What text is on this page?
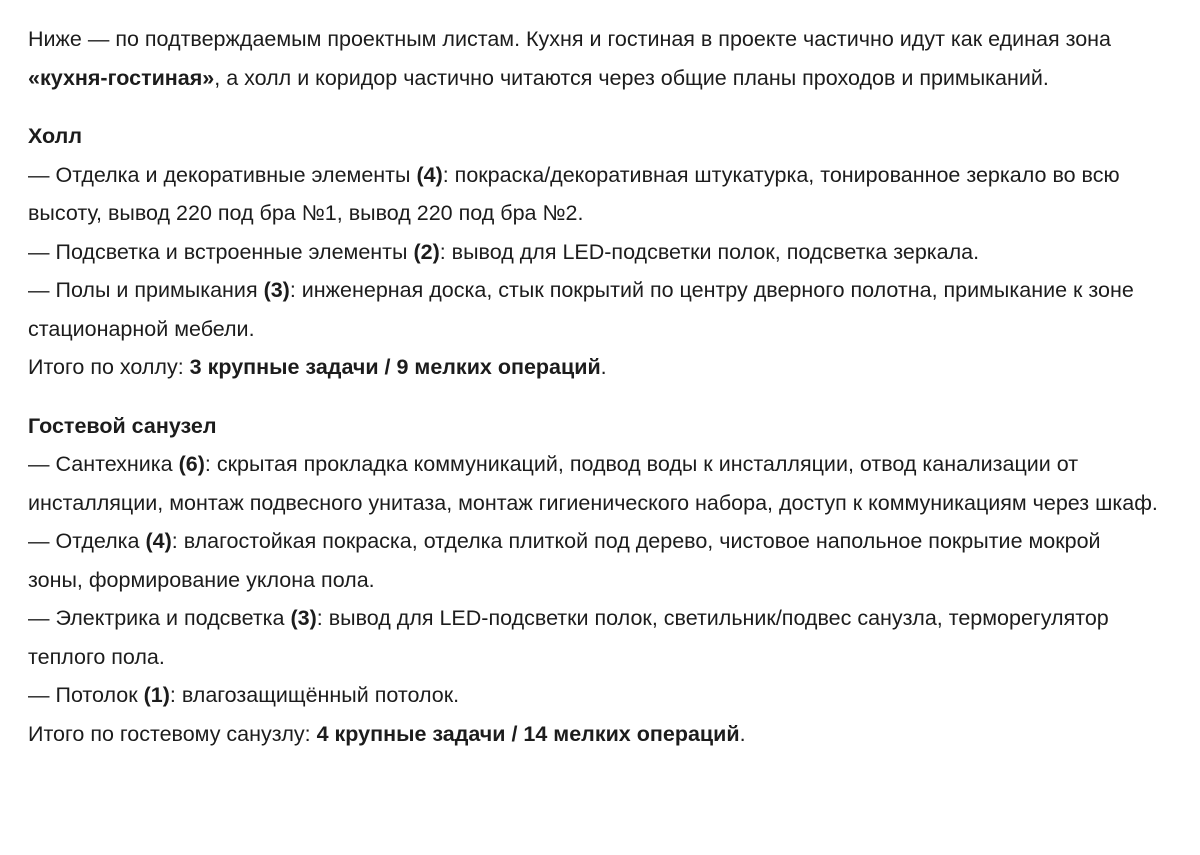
Ниже — по подтверждаемым проектным листам. Кухня и гостиная в проекте частично идут как единая зона «кухня-гостиная», а холл и коридор частично читаются через общие планы проходов и примыканий.

Холл

— Отделка и декоративные элементы (4): покраска/декоративная штукатурка, тонированное зеркало во всю высоту, вывод 220 под бра №1, вывод 220 под бра №2.

— Подсветка и встроенные элементы (2): вывод для LED-подсветки полок, подсветка зеркала.

— Полы и примыкания (3): инженерная доска, стык покрытий по центру дверного полотна, примыкание к зоне стационарной мебели.

Итого по холлу: 3 крупные задачи / 9 мелких операций.

Гостевой санузел

— Сантехника (6): скрытая прокладка коммуникаций, подвод воды к инсталляции, отвод канализации от инсталляции, монтаж подвесного унитаза, монтаж гигиенического набора, доступ к коммуникациям через шкаф.

— Отделка (4): влагостойкая покраска, отделка плиткой под дерево, чистовое напольное покрытие мокрой зоны, формирование уклона пола.

— Электрика и подсветка (3): вывод для LED-подсветки полок, светильник/подвес санузла, терморегулятор теплого пола.

— Потолок (1): влагозащищённый потолок.

Итого по гостевому санузлу: 4 крупные задачи / 14 мелких операций.
